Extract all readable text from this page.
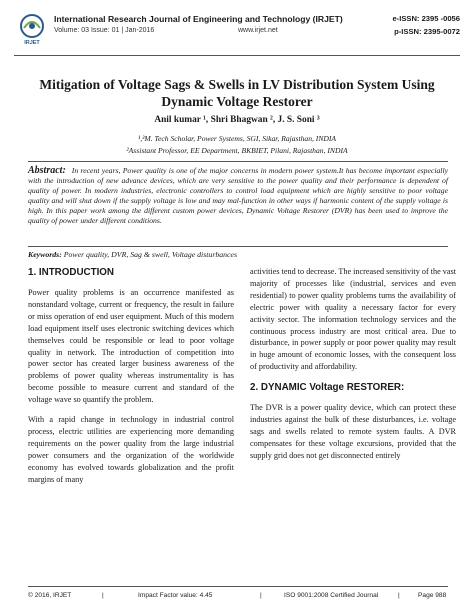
IRJET
International Research Journal of Engineering and Technology (IRJET)	e-ISSN: 2395 -0056
Volume: 03 Issue: 01 | Jan-2016	www.irjet.net	p-ISSN: 2395-0072
Mitigation of Voltage Sags & Swells in LV Distribution System Using Dynamic Voltage Restorer
Anil kumar ¹, Shri Bhagwan ², J. S. Soni ³
¹,³M. Tech Scholar, Power Systems, SGI, Sikar, Rajasthan, INDIA
²Assistant Professor, EE Department, BKBIET, Pilani, Rajasthan, INDIA
Abstract: In recent years, Power quality is one of the major concerns in modern power system.It has become important especially with the introduction of new advance devices, which are very sensitive to the power quality and their performance is dependent of quality of power. In modern industries, electronic controllers to control load equipment which are highly sensitive to poor voltage quality and will shut down if the supply voltage is low and may mal-function in other ways if harmonic content of the supply voltage is high. In this paper work among the different custom power devices, Dynamic Voltage Restorer (DVR) has been used to improve the quality of power under different conditions.
Keywords: Power quality, DVR, Sag & swell, Voltage disturbances
1. INTRODUCTION

Power quality problems is an occurrence manifested as nonstandard voltage, current or frequency, the result in failure or miss operation of end user equipment. Much of this modern load equipment itself uses electronic switching devices which themselves could be responsible or lead to poor voltage quality in network. The introduction of competition into power sector has created larger business awareness of the problems of power quality whereas instrumentality is has become possible to measure current and standard of the voltage wave so quantify the problem.

With a rapid change in technology in industrial control process, electric utilities are experiencing more demanding requirements on the power quality from the large industrial power consumers and the organization of the worldwide economy has evolved towards globalization and the profit margins of many

activities tend to decrease. The increased sensitivity of the vast majority of processes like (industrial, services and even residential) to power quality problems turns the availability of electric power with quality a necessary factor for every activity sector. The information technology services and the continuous process industry are most critical area. Due to disturbance, in power supply or poor power quality may result in huge amount of economic losses, with the consequent loss of productivity and affordability.

2. DYNAMIC Voltage RESTORER:

The DVR is a power quality device, which can protect these industries against the bulk of these disturbances, i.e. voltage sags and swells related to remote system faults. A DVR compensates for these voltage excursions, provided that the supply grid does not get disconnected entirely

© 2016, IRJET	|	Impact Factor value: 4.45	|	ISO 9001:2008 Certified Journal	|	Page 988
